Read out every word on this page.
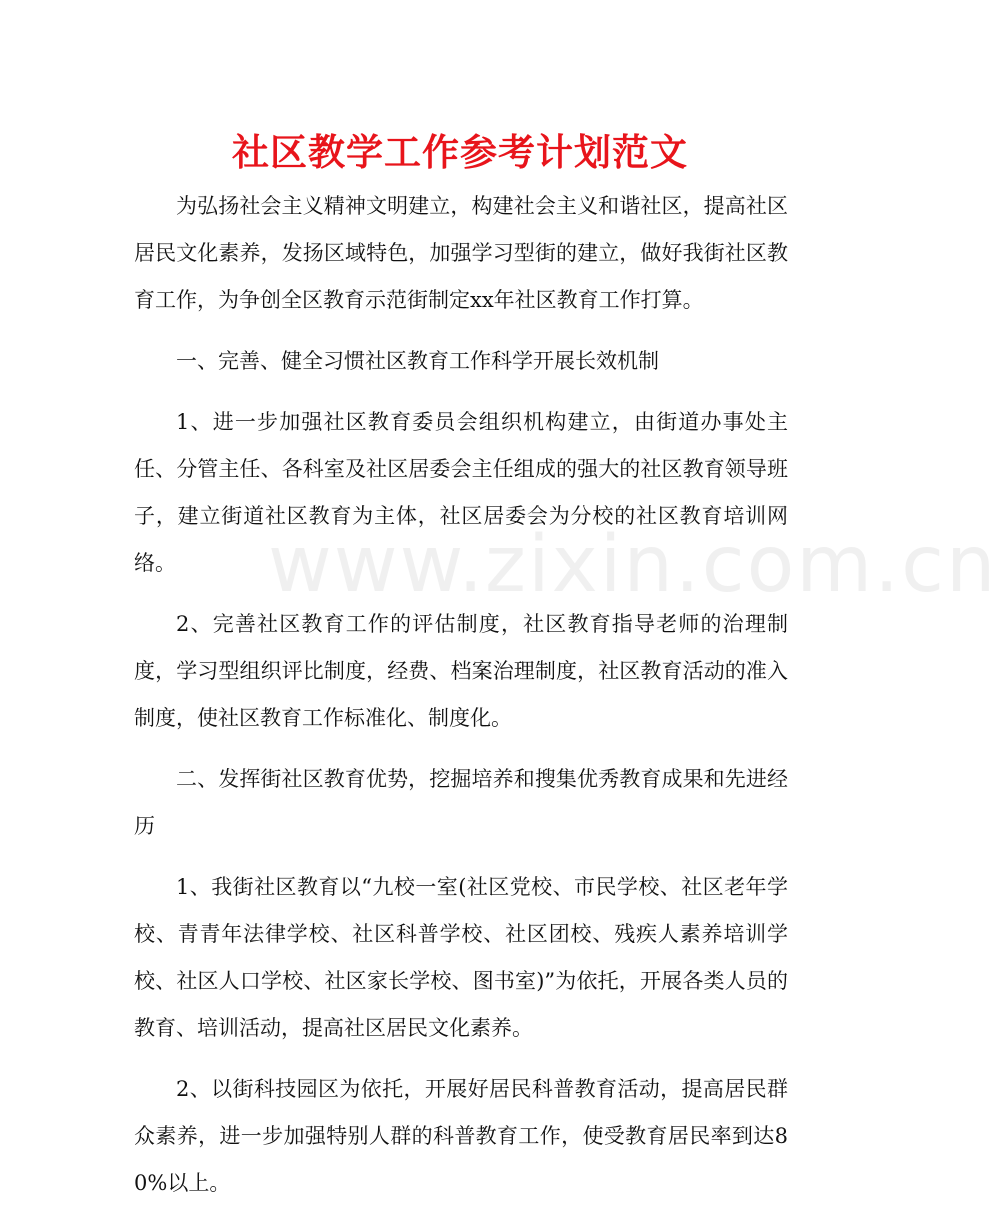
社区教学工作参考计划范文
www.zixin.com.cn

为弘扬社会主义精神文明建立，构建社会主义和谐社区，提高社区居民文化素养，发扬区域特色，加强学习型街的建立，做好我街社区教育工作，为争创全区教育示范街制定xx年社区教育工作打算。

一、完善、健全习惯社区教育工作科学开展长效机制

1、进一步加强社区教育委员会组织机构建立，由街道办事处主任、分管主任、各科室及社区居委会主任组成的强大的社区教育领导班子，建立街道社区教育为主体，社区居委会为分校的社区教育培训网络。

2、完善社区教育工作的评估制度，社区教育指导老师的治理制度，学习型组织评比制度，经费、档案治理制度，社区教育活动的准入制度，使社区教育工作标准化、制度化。

二、发挥街社区教育优势，挖掘培养和搜集优秀教育成果和先进经历

1、我街社区教育以“九校一室(社区党校、市民学校、社区老年学校、青青年法律学校、社区科普学校、社区团校、残疾人素养培训学校、社区人口学校、社区家长学校、图书室)”为依托，开展各类人员的教育、培训活动，提高社区居民文化素养。

2、以街科技园区为依托，开展好居民科普教育活动，提高居民群众素养，进一步加强特别人群的科普教育工作，使受教育居民率到达80%以上。
